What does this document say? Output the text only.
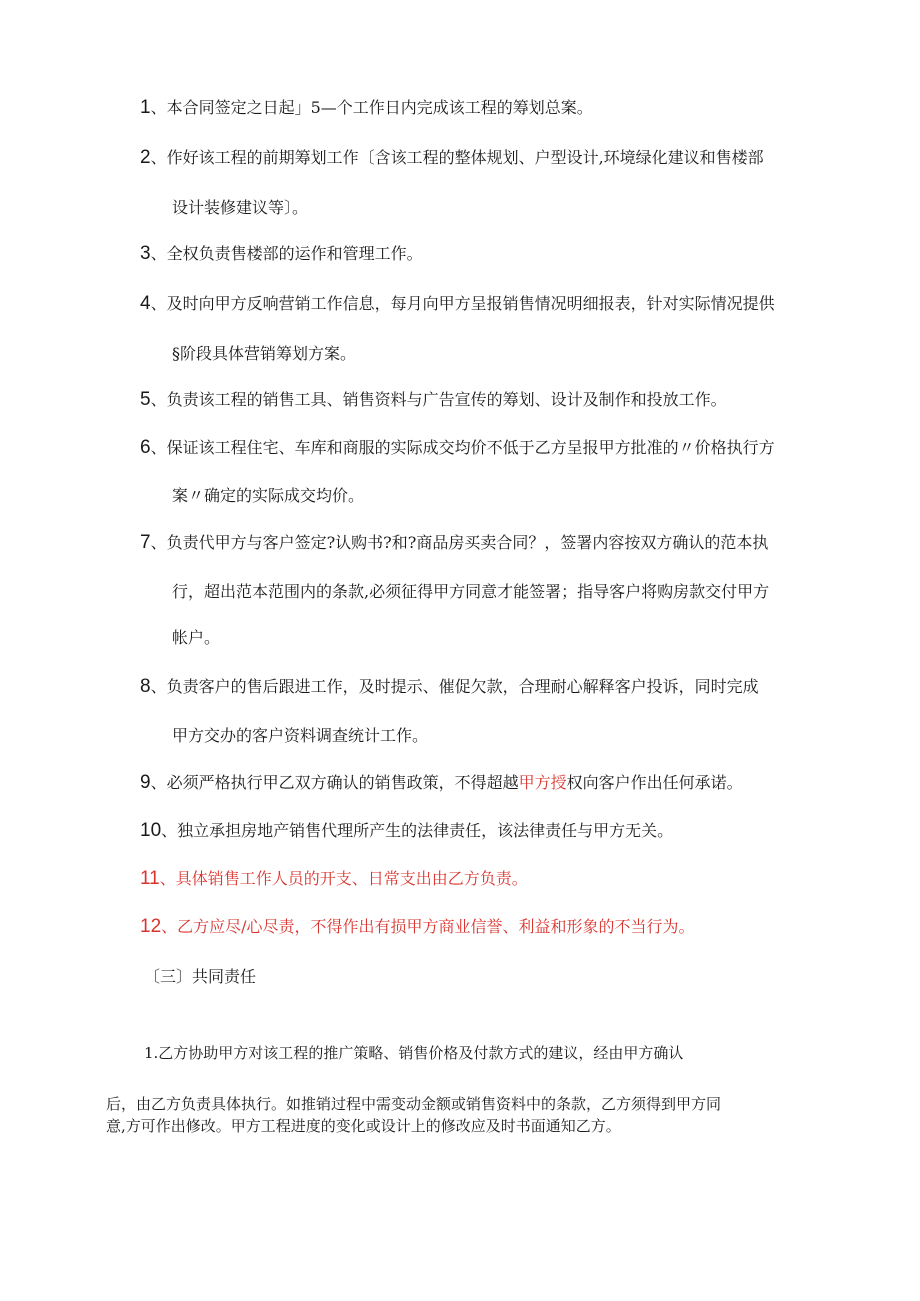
1、本合同签定之日起」5—个工作日内完成该工程的筹划总案。
2、作好该工程的前期筹划工作〔含该工程的整体规划、户型设计,环境绿化建议和售楼部
设计装修建议等〕。
3、全权负责售楼部的运作和管理工作。
4、及时向甲方反响营销工作信息，每月向甲方呈报销售情况明细报表，针对实际情况提供
§阶段具体营销筹划方案。
5、负责该工程的销售工具、销售资料与广告宣传的筹划、设计及制作和投放工作。
6、保证该工程住宅、车库和商服的实际成交均价不低于乙方呈报甲方批准的〃价格执行方
案〃确定的实际成交均价。
7、负责代甲方与客户签定?认购书?和?商品房买卖合同？，签署内容按双方确认的范本执
行，超出范本范围内的条款,必须征得甲方同意才能签署；指导客户将购房款交付甲方
帐户。
8、负责客户的售后跟进工作，及时提示、催促欠款，合理耐心解释客户投诉，同时完成
甲方交办的客户资料调查统计工作。
9、必须严格执行甲乙双方确认的销售政策，不得超越甲方授权向客户作出任何承诺。
10、独立承担房地产销售代理所产生的法律责任，该法律责任与甲方无关。
11、具体销售工作人员的开支、日常支出由乙方负责。
12、乙方应尽/心尽责，不得作出有损甲方商业信誉、利益和形象的不当行为。
〔三〕共同责任
1.乙方协助甲方对该工程的推广策略、销售价格及付款方式的建议，经由甲方确认
后，由乙方负责具体执行。如推销过程中需变动金额或销售资料中的条款，乙方须得到甲方同
意,方可作出修改。甲方工程进度的变化或设计上的修改应及时书面通知乙方。
